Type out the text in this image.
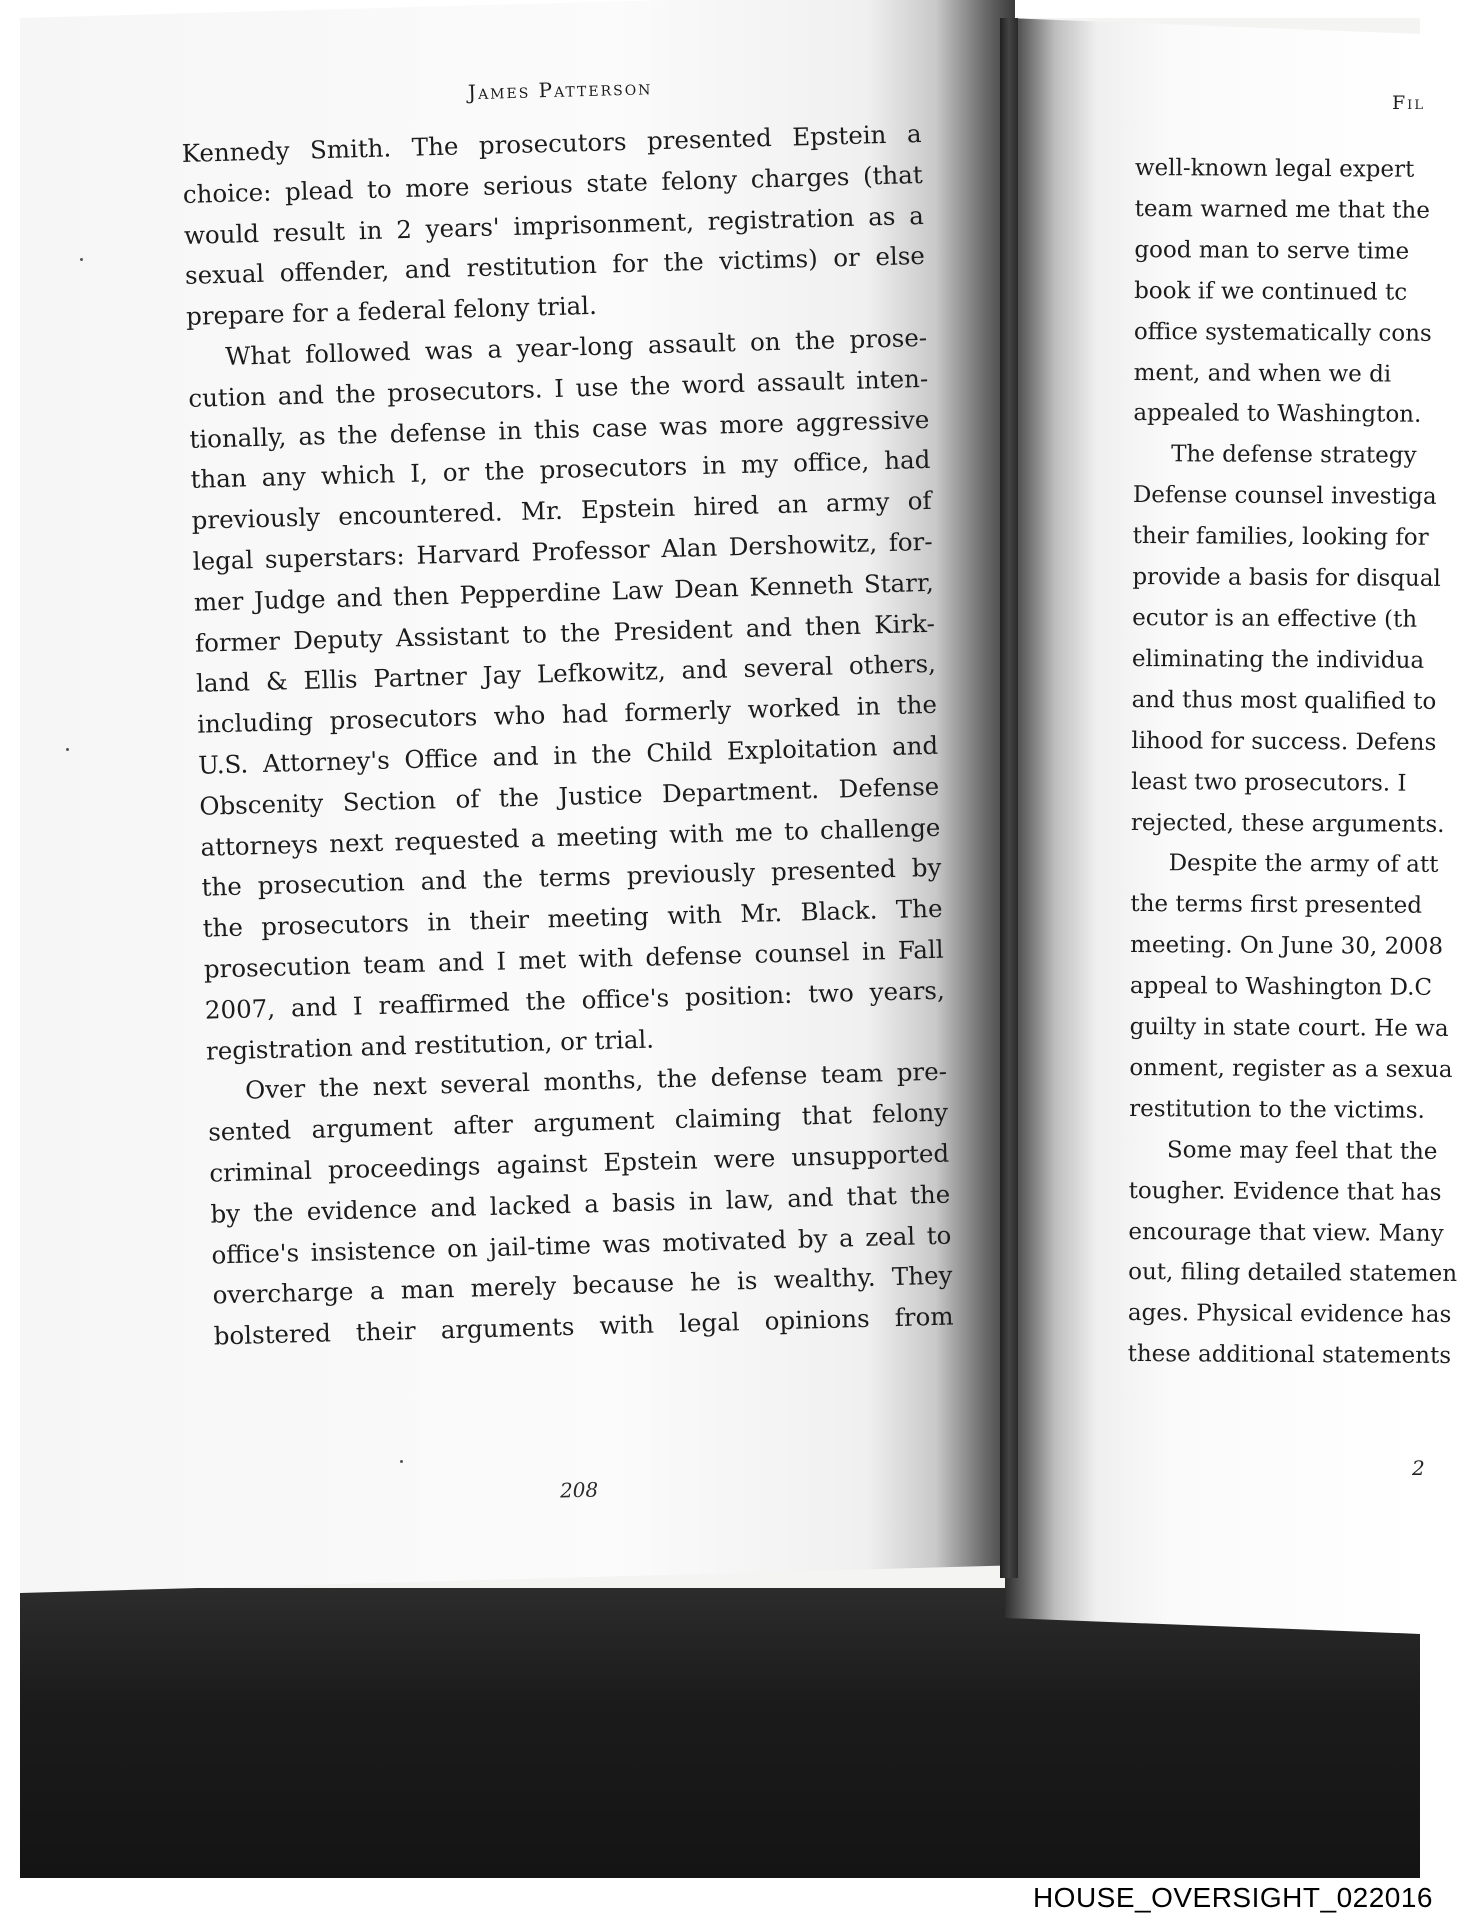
James Patterson
Kennedy Smith. The prosecutors presented Epstein a
choice: plead to more serious state felony charges (that
would result in 2 years' imprisonment, registration as a
sexual offender, and restitution for the victims) or else
prepare for a federal felony trial.
What followed was a year-long assault on the prose-
cution and the prosecutors. I use the word assault inten-
tionally, as the defense in this case was more aggressive
than any which I, or the prosecutors in my office, had
previously encountered. Mr. Epstein hired an army of
legal superstars: Harvard Professor Alan Dershowitz, for-
mer Judge and then Pepperdine Law Dean Kenneth Starr,
former Deputy Assistant to the President and then Kirk-
land & Ellis Partner Jay Lefkowitz, and several others,
including prosecutors who had formerly worked in the
U.S. Attorney's Office and in the Child Exploitation and
Obscenity Section of the Justice Department. Defense
attorneys next requested a meeting with me to challenge
the prosecution and the terms previously presented by
the prosecutors in their meeting with Mr. Black. The
prosecution team and I met with defense counsel in Fall
2007, and I reaffirmed the office's position: two years,
registration and restitution, or trial.
Over the next several months, the defense team pre-
sented argument after argument claiming that felony
criminal proceedings against Epstein were unsupported
by the evidence and lacked a basis in law, and that the
office's insistence on jail-time was motivated by a zeal to
overcharge a man merely because he is wealthy. They
bolstered their arguments with legal opinions from
208
Fil
well-known legal expert
team warned me that the
good man to serve time
book if we continued tc
office systematically cons
ment, and when we di
appealed to Washington.
The defense strategy
Defense counsel investiga
their families, looking for
provide a basis for disqual
ecutor is an effective (th
eliminating the individua
and thus most qualified to
lihood for success. Defens
least two prosecutors. I
rejected, these arguments.
Despite the army of att
the terms first presented
meeting. On June 30, 2008
appeal to Washington D.C
guilty in state court. He wa
onment, register as a sexua
restitution to the victims.
Some may feel that the
tougher. Evidence that has
encourage that view. Many
out, filing detailed statemen
ages. Physical evidence has
these additional statements
2
HOUSE_OVERSIGHT_022016
